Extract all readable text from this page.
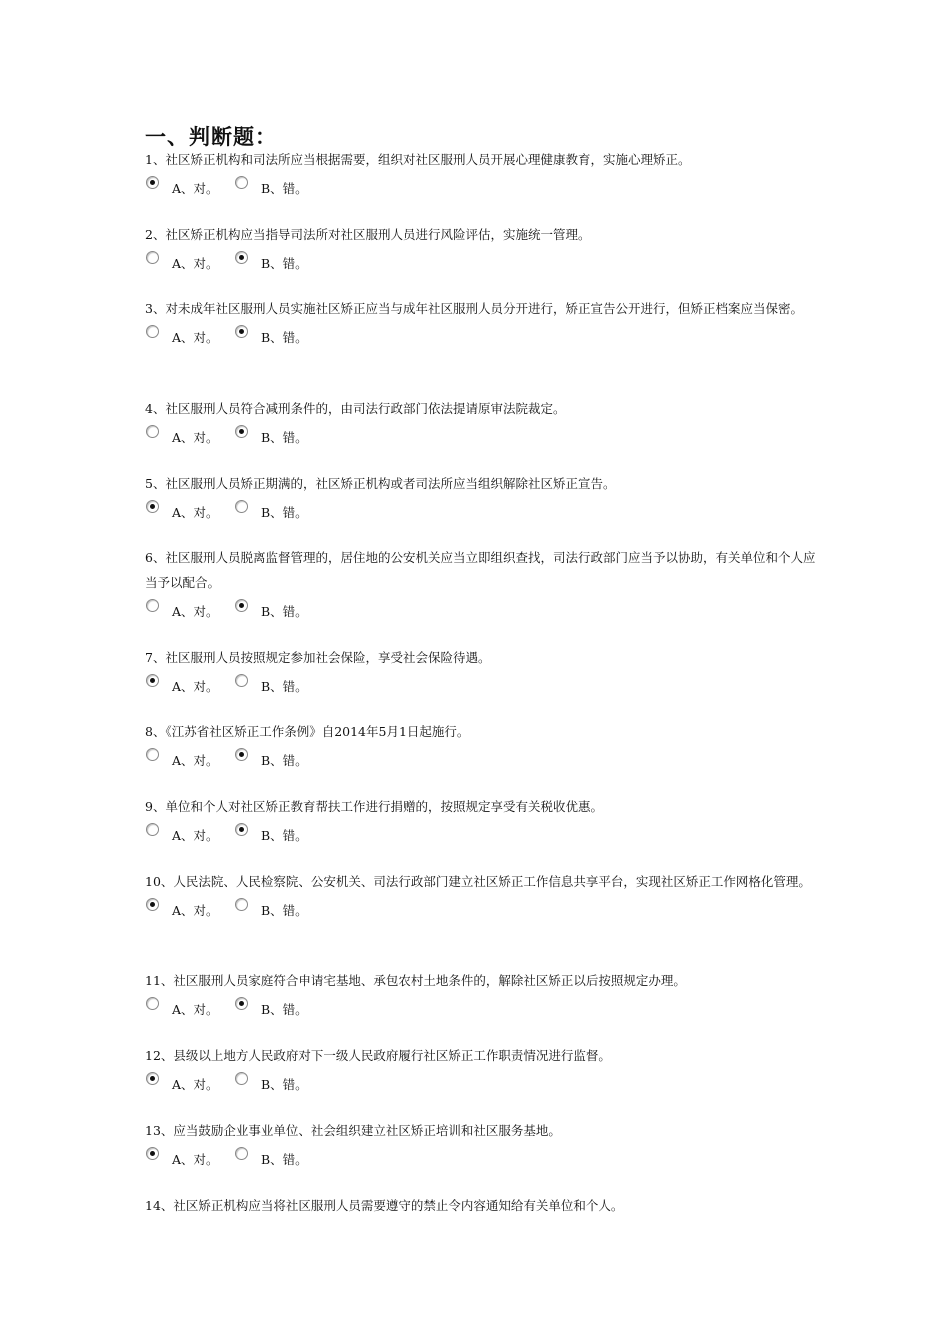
一、判断题：

1、社区矫正机构和司法所应当根据需要，组织对社区服刑人员开展心理健康教育，实施心理矫正。

A、对。	B、错。

2、社区矫正机构应当指导司法所对社区服刑人员进行风险评估，实施统一管理。

A、对。	B、错。

3、对未成年社区服刑人员实施社区矫正应当与成年社区服刑人员分开进行，矫正宣告公开进行，但矫正档案应当保密。

A、对。	B、错。

4、社区服刑人员符合减刑条件的，由司法行政部门依法提请原审法院裁定。

A、对。	B、错。

5、社区服刑人员矫正期满的，社区矫正机构或者司法所应当组织解除社区矫正宣告。

A、对。	B、错。

6、社区服刑人员脱离监督管理的，居住地的公安机关应当立即组织查找，司法行政部门应当予以协助，有关单位和个人应当予以配合。

A、对。	B、错。

7、社区服刑人员按照规定参加社会保险，享受社会保险待遇。

A、对。	B、错。

8、《江苏省社区矫正工作条例》自2014年5月1日起施行。

A、对。	B、错。

9、单位和个人对社区矫正教育帮扶工作进行捐赠的，按照规定享受有关税收优惠。

A、对。	B、错。

10、人民法院、人民检察院、公安机关、司法行政部门建立社区矫正工作信息共享平台，实现社区矫正工作网格化管理。

A、对。	B、错。

11、社区服刑人员家庭符合申请宅基地、承包农村土地条件的，解除社区矫正以后按照规定办理。

A、对。	B、错。

12、县级以上地方人民政府对下一级人民政府履行社区矫正工作职责情况进行监督。

A、对。	B、错。

13、应当鼓励企业事业单位、社会组织建立社区矫正培训和社区服务基地。

A、对。	B、错。

14、社区矫正机构应当将社区服刑人员需要遵守的禁止令内容通知给有关单位和个人。
